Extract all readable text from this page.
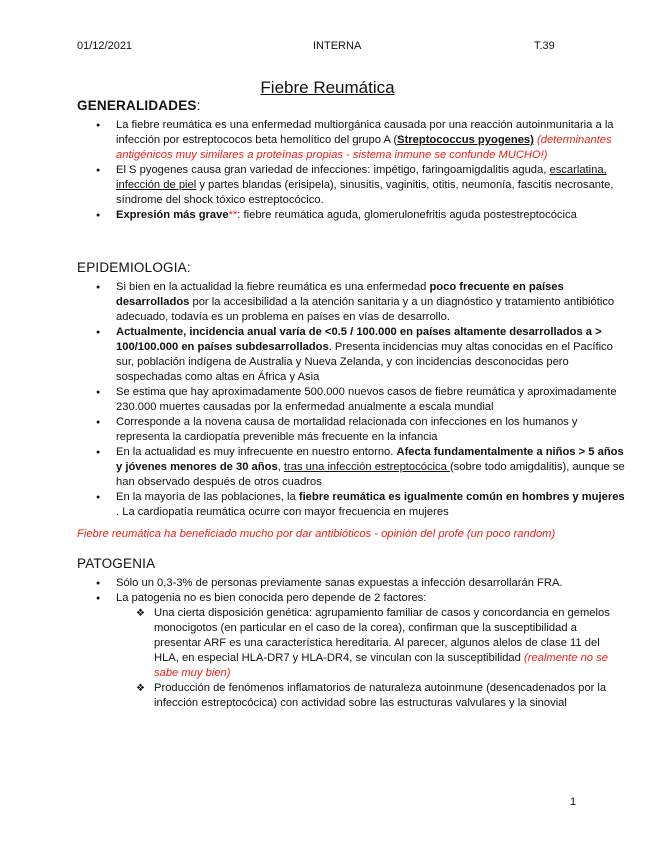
01/12/2021	INTERNA	T.39
Fiebre Reumática
GENERALIDADES:
● La fiebre reumática es una enfermedad multiorgánica causada por una reacción autoinmunitaria a la infección por estreptococos beta hemolítico del grupo A (Streptococcus pyogenes) (determinantes antigénicos muy similares a proteínas propias - sistema inmune se confunde MUCHO!)
● El S pyogenes causa gran variedad de infecciones: impétigo, faringoamigdalitis aguda, escarlatina, infección de piel y partes blandas (erisipela), sinusitis, vaginitis, otitis, neumonía, fascitis necrosante, síndrome del shock tóxico estreptocócico.
● Expresión más grave**: fiebre reumática aguda, glomerulonefritis aguda postestreptocócica
EPIDEMIOLOGIA:
● Si bien en la actualidad la fiebre reumática es una enfermedad poco frecuente en países desarrollados por la accesibilidad a la atención sanitaria y a un diagnóstico y tratamiento antibiótico adecuado, todavía es un problema en países en vías de desarrollo.
● Actualmente, incidencia anual varía de <0.5 / 100.000 en países altamente desarrollados a > 100/100.000 en países subdesarrollados. Presenta incidencias muy altas conocidas en el Pacífico sur, población indígena de Australia y Nueva Zelanda, y con incidencias desconocidas pero sospechadas como altas en África y Asia
● Se estima que hay aproximadamente 500.000 nuevos casos de fiebre reumática y aproximadamente 230.000 muertes causadas por la enfermedad anualmente a escala mundial
● Corresponde a la novena causa de mortalidad relacionada con infecciones en los humanos y representa la cardiopatía prevenible más frecuente en la infancia
● En la actualidad es muy infrecuente en nuestro entorno. Afecta fundamentalmente a niños > 5 años y jóvenes menores de 30 años, tras una infección estreptocócica (sobre todo amigdalitis), aunque se han observado después de otros cuadros
● En la mayoría de las poblaciones, la fiebre reumática es igualmente común en hombres y mujeres . La cardiopatía reumática ocurre con mayor frecuencia en mujeres
Fiebre reumática ha beneficiado mucho por dar antibióticos - opinión del profe (un poco random)
PATOGENIA
● Sólo un 0,3-3% de personas previamente sanas expuestas a infección desarrollarán FRA.
● La patogenia no es bien conocida pero depende de 2 factores:
❖ Una cierta disposición genética: agrupamiento familiar de casos y concordancia en gemelos monocigotos (en particular en el caso de la corea), confirman que la susceptibilidad a presentar ARF es una característica hereditaria. Al parecer, algunos alelos de clase 11 del HLA, en especial HLA-DR7 y HLA-DR4, se vinculan con la susceptibilidad (realmente no se sabe muy bien)
❖ Producción de fenómenos inflamatorios de naturaleza autoinmune (desencadenados por la infección estreptocócica) con actividad sobre las estructuras valvulares y la sinovial
1
